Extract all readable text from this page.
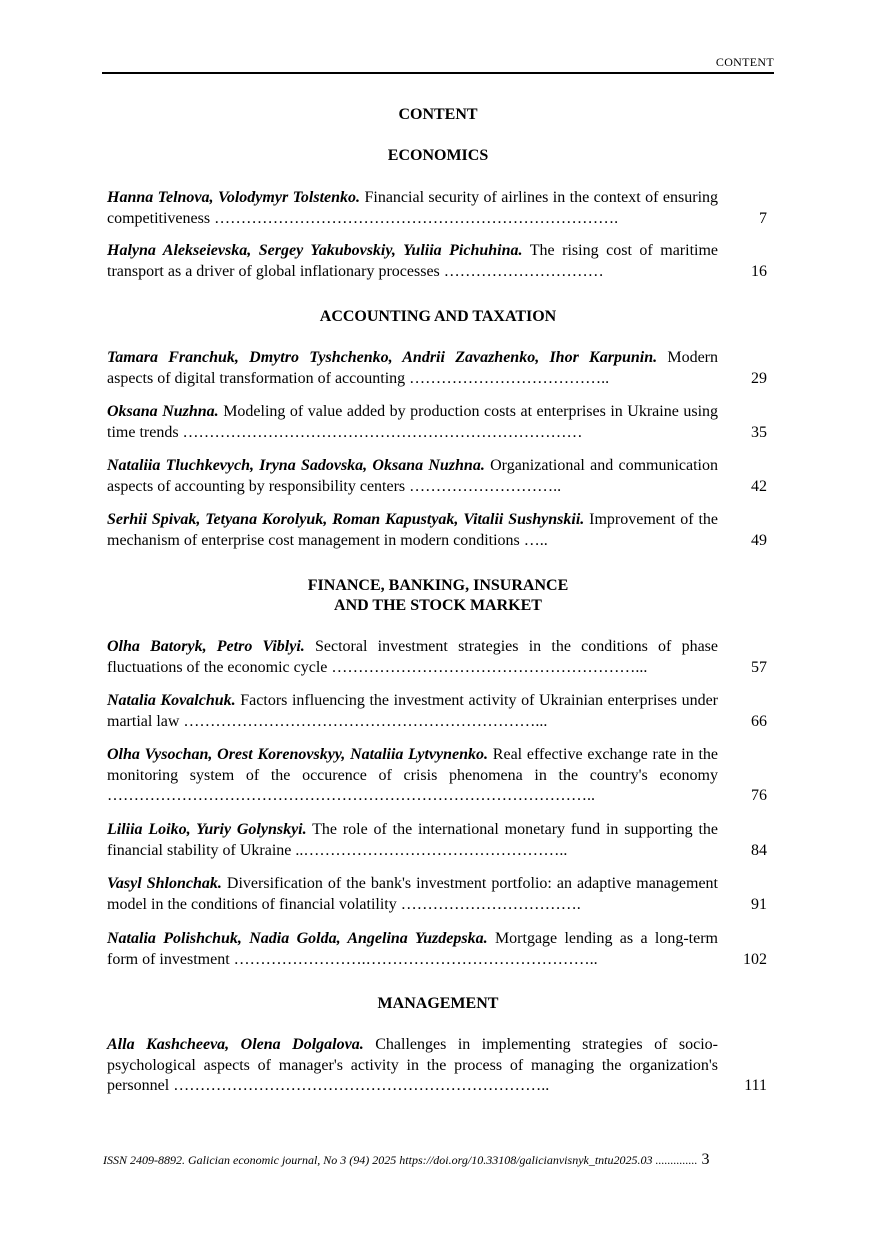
CONTENT
CONTENT
ECONOMICS
Hanna Telnova, Volodymyr Tolstenko. Financial security of airlines in the context of ensuring competitiveness ………………………………………………………………….	7
Halyna Alekseievska, Sergey Yakubovskiy, Yuliia Pichuhina. The rising cost of maritime transport as a driver of global inflationary processes …………………………	16
ACCOUNTING AND TAXATION
Tamara Franchuk, Dmytro Tyshchenko, Andrii Zavazhenko, Ihor Karpunin. Modern aspects of digital transformation of accounting ………………………………..	29
Oksana Nuzhna. Modeling of value added by production costs at enterprises in Ukraine using time trends …………………………………………………………………	35
Nataliia Tluchkevych, Iryna Sadovska, Oksana Nuzhna. Organizational and communication aspects of accounting by responsibility centers ………………………..	42
Serhii Spivak, Tetyana Korolyuk, Roman Kapustyak, Vitalii Sushynskii. Improvement of the mechanism of enterprise cost management in modern conditions …..	49
FINANCE, BANKING, INSURANCE
AND THE STOCK MARKET
Olha Batoryk, Petro Viblyi. Sectoral investment strategies in the conditions of phase fluctuations of the economic cycle …………………………………………………...	57
Natalia Kovalchuk. Factors influencing the investment activity of Ukrainian enterprises under martial law …………………………………………………………...	66
Olha Vysochan, Orest Korenovskyy, Nataliia Lytvynenko. Real effective exchange rate in the monitoring system of the occurence of crisis phenomena in the country's economy ………………………………………………………………………………..	76
Liliia Loiko, Yuriy Golynskyi. The role of the international monetary fund in supporting the financial stability of Ukraine ..…………………………………………..	84
Vasyl Shlonchak. Diversification of the bank's investment portfolio: an adaptive management model in the conditions of financial volatility …………………………….	91
Natalia Polishchuk, Nadia Golda, Angelina Yuzdepska. Mortgage lending as a long-term form of investment …………………….……………………………………..	102
MANAGEMENT
Alla Kashcheeva, Olena Dolgalova. Challenges in implementing strategies of socio-psychological aspects of manager's activity in the process of managing the organization's personnel ……………………………………………………………..	111
ISSN 2409-8892. Galician economic journal, No 3 (94) 2025 https://doi.org/10.33108/galicianvisnyk_tntu2025.03 .............. 3
